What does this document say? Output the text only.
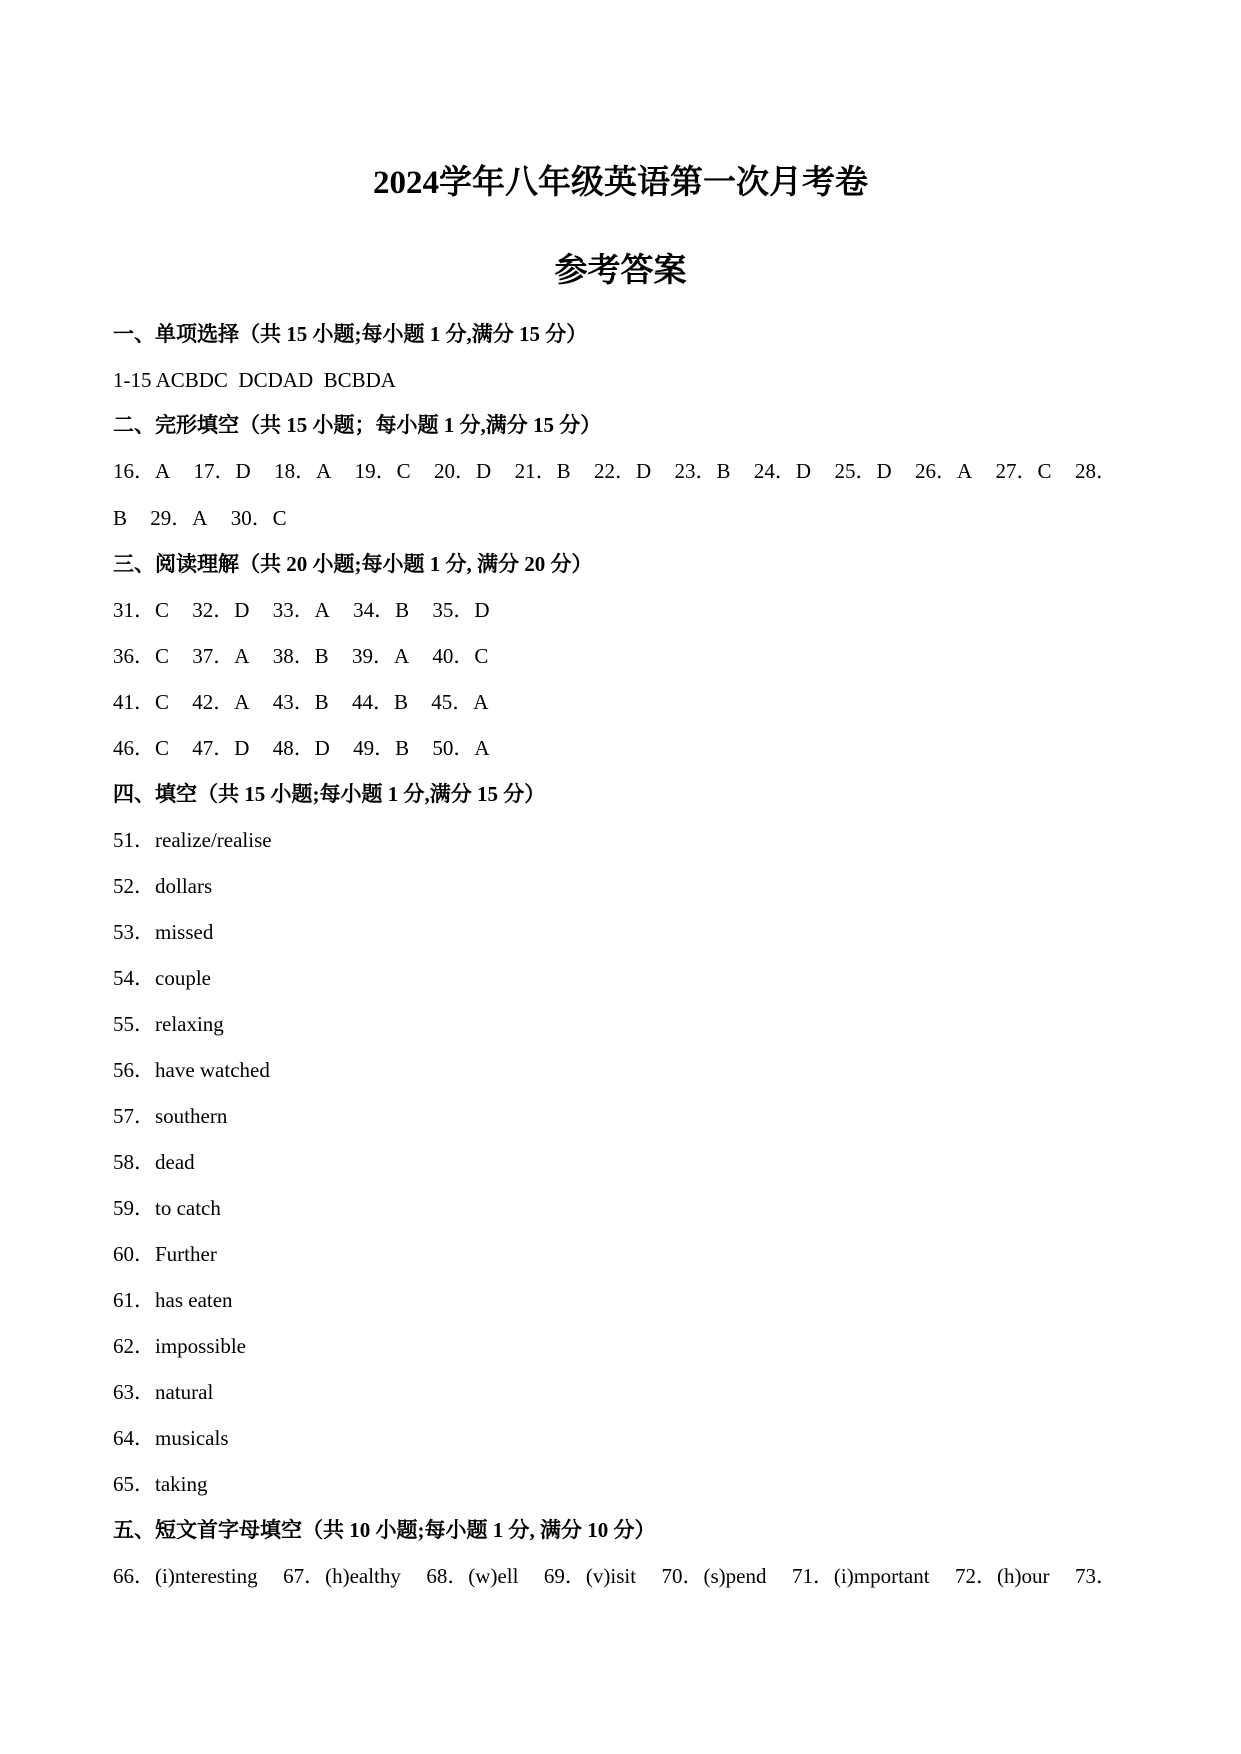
2024学年八年级英语第一次月考卷
参考答案

一、单项选择（共 15 小题;每小题 1 分,满分 15 分）

1-15 ACBDC  DCDAD  BCBDA

二、完形填空（共 15 小题；每小题 1 分,满分 15 分）

16．A 17．D 18．A 19．C 20．D 21．B 22．D 23．B 24．D 25．D 26．A 27．C 28．
B 29．A 30．C

三、阅读理解（共 20 小题;每小题 1 分, 满分 20 分）

31．C 32．D 33．A 34．B 35．D
36．C 37．A 38．B 39．A 40．C
41．C 42．A 43．B 44．B 45．A
46．C 47．D 48．D 49．B 50．A

四、填空（共 15 小题;每小题 1 分,满分 15 分）

51．realize/realise

52．dollars

53．missed

54．couple

55．relaxing

56．have watched

57．southern

58．dead

59．to catch

60．Further

61．has eaten

62．impossible

63．natural

64．musicals

65．taking

五、短文首字母填空（共 10 小题;每小题 1 分, 满分 10 分）

66．(i)nteresting 67．(h)ealthy 68．(w)ell 69．(v)isit 70．(s)pend 71．(i)mportant 72．(h)our 73．
